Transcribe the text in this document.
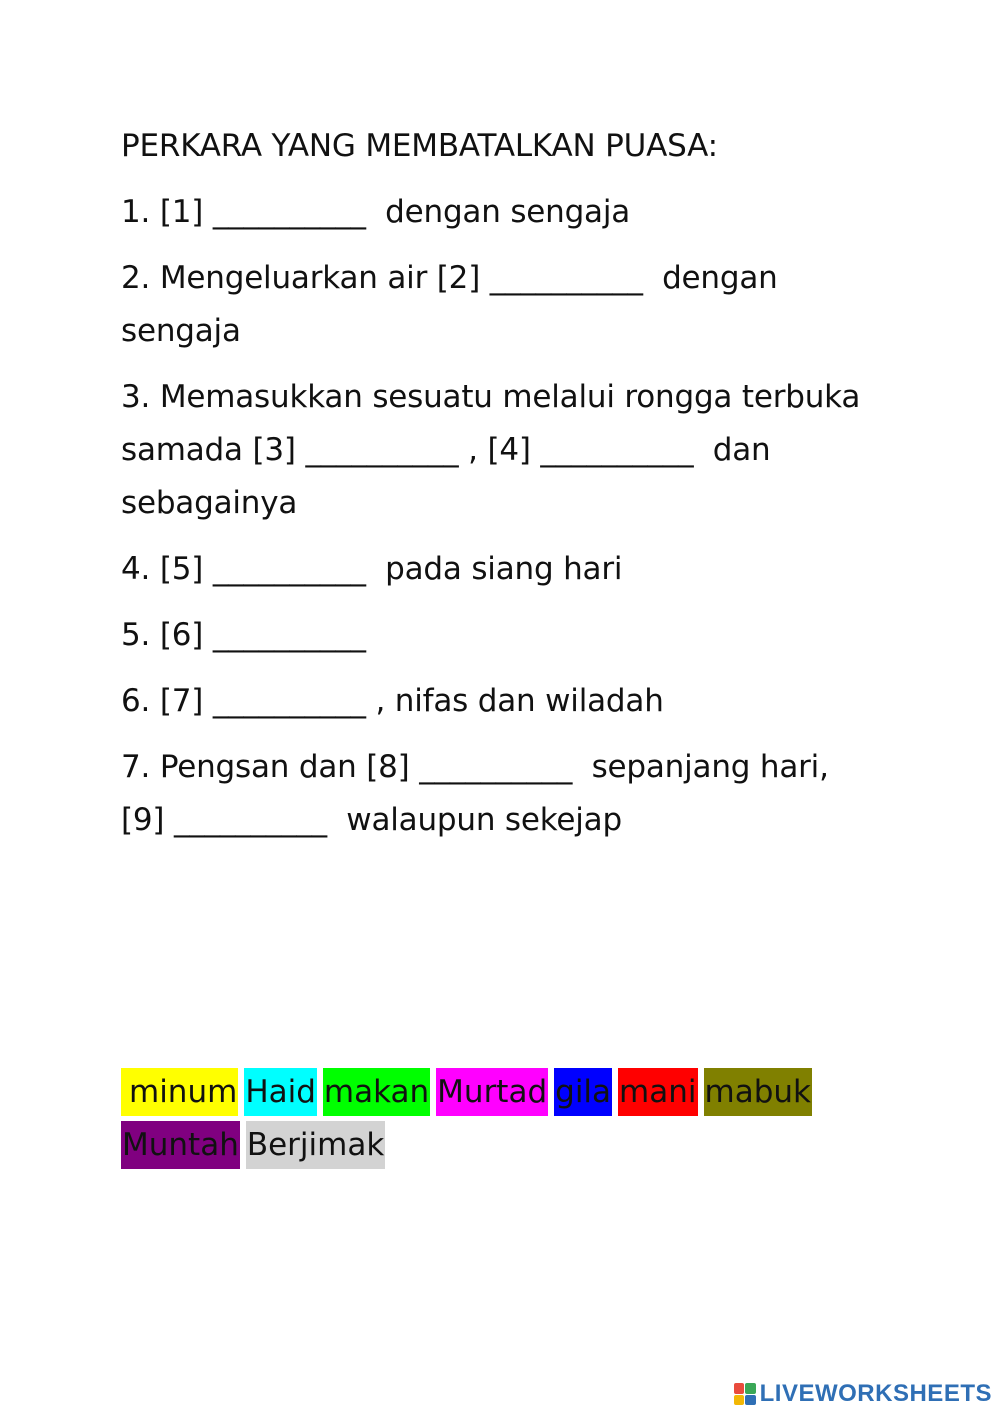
PERKARA YANG MEMBATALKAN PUASA:
1. [1] __________ dengan sengaja
2. Mengeluarkan air [2] __________ dengan sengaja
3. Memasukkan sesuatu melalui rongga terbuka samada [3] __________ , [4] __________ dan sebagainya
4. [5] __________ pada siang hari
5. [6] __________
6. [7] __________ , nifas dan wiladah
7. Pengsan dan [8] __________ sepanjang hari, [9] __________ walaupun sekejap
minum Haid makan Murtad gila mani mabukMuntah Berjimak
LIVEWORKSHEETS
